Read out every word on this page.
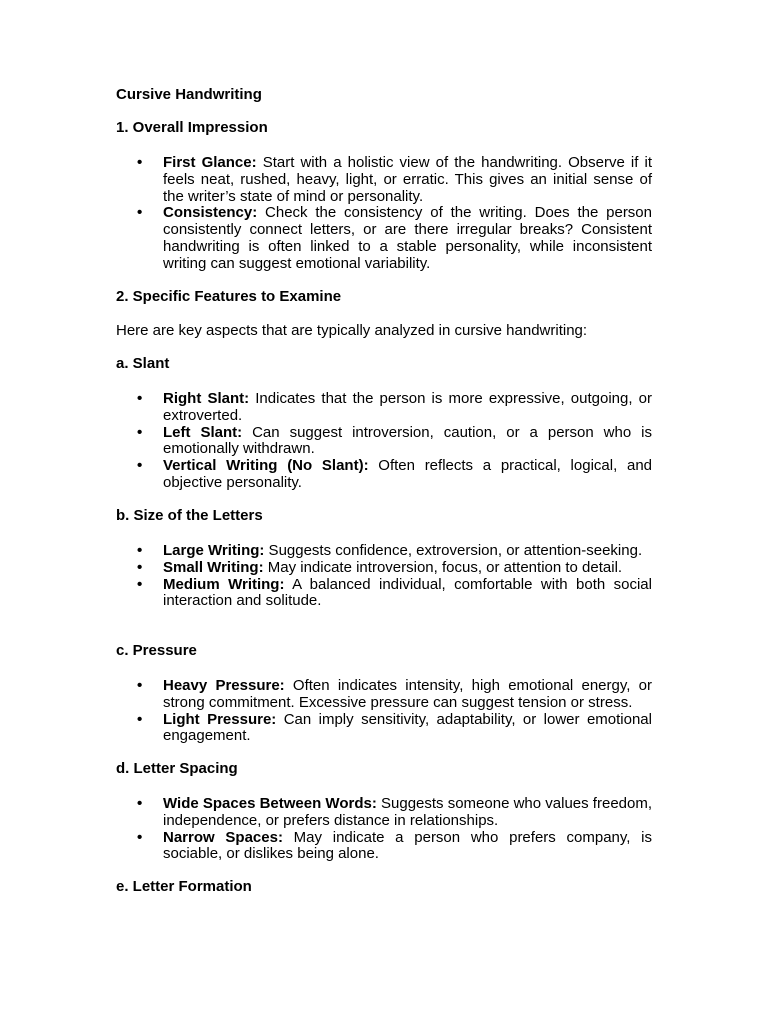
Cursive Handwriting

1. Overall Impression

• First Glance: Start with a holistic view of the handwriting. Observe if it feels neat, rushed, heavy, light, or erratic. This gives an initial sense of the writer’s state of mind or personality.
• Consistency: Check the consistency of the writing. Does the person consistently connect letters, or are there irregular breaks? Consistent handwriting is often linked to a stable personality, while inconsistent writing can suggest emotional variability.

2. Specific Features to Examine

Here are key aspects that are typically analyzed in cursive handwriting:

a. Slant

• Right Slant: Indicates that the person is more expressive, outgoing, or extroverted.
• Left Slant: Can suggest introversion, caution, or a person who is emotionally withdrawn.
• Vertical Writing (No Slant): Often reflects a practical, logical, and objective personality.

b. Size of the Letters

• Large Writing: Suggests confidence, extroversion, or attention-seeking.
• Small Writing: May indicate introversion, focus, or attention to detail.
• Medium Writing: A balanced individual, comfortable with both social interaction and solitude.

c. Pressure

• Heavy Pressure: Often indicates intensity, high emotional energy, or strong commitment. Excessive pressure can suggest tension or stress.
• Light Pressure: Can imply sensitivity, adaptability, or lower emotional engagement.

d. Letter Spacing

• Wide Spaces Between Words: Suggests someone who values freedom, independence, or prefers distance in relationships.
• Narrow Spaces: May indicate a person who prefers company, is sociable, or dislikes being alone.

e. Letter Formation
